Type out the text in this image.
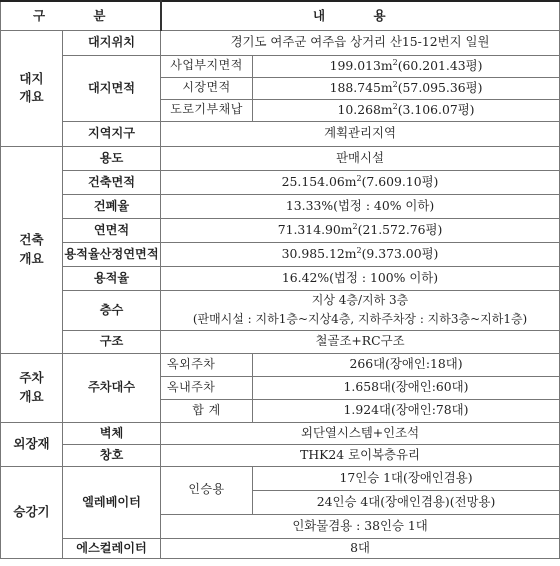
구 분		내 용	
대지
개요	대지위치	경기도 여주군 여주읍 상거리 산15-12번지 일원	
	대지면적	사업부지면적	$199.013m^2(60.201.43$평)
		시장면적	$188.745m^2(57.095.36$평)
		도로기부채납	$10.268m^2(3.106.07$평)
	지역지구	계획관리지역	
건축
개요	용도	판매시설	
	건축면적	$25.154.06m^2(7.609.10$평)	
	건폐율	13.33%(법정 : 40% 이하)	
	연면적	$71.314.90m^2(21.572.76$평)	
	용적율산정연면적	$30.985.12m^2(9.373.00$평)	
	용적율	16.42%(법정 : 100% 이하)	
	층수	지상 4층/지하 3층
(판매시설 : 지하1층~지상4층, 지하주차장 : 지하3층~지하1층)	

	구조	철골조+RC구조	
주차
개요	주차대수	옥외주차	266대(장애인:18대)
		옥내주차	1.658대(장애인:60대)
		합 계	1.924대(장애인:78대)
외장재	벽체	외단열시스템+인조석	
	창호	THK24 로이복층유리	
승강기	엘레베이터	인승용	17인승 1대(장애인겸용)
			24인승 4대(장애인겸용)(전망용)
		인화물겸용 : 38인승 1대	
	에스컬레이터	8대	
